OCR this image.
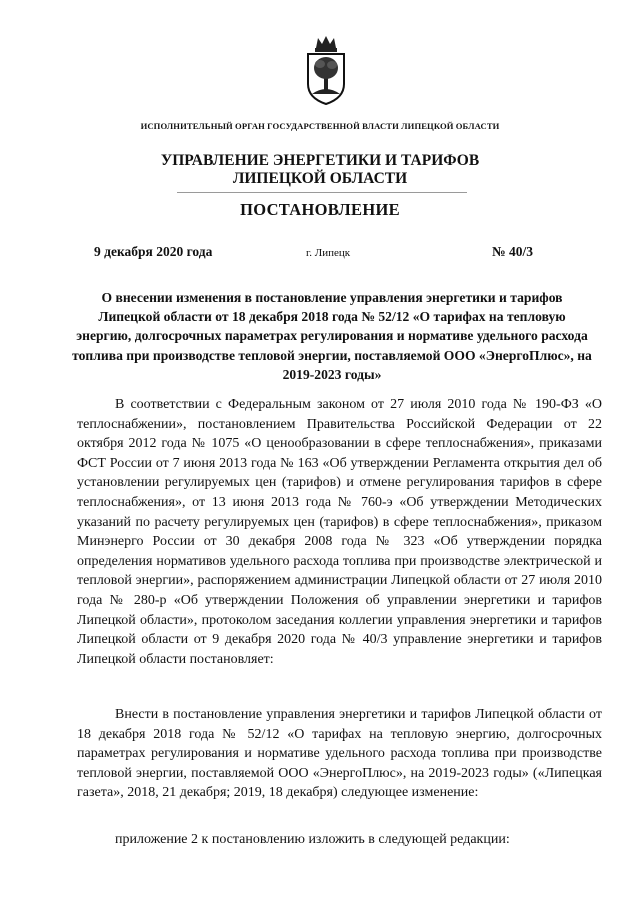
ИСПОЛНИТЕЛЬНЫЙ ОРГАН ГОСУДАРСТВЕННОЙ ВЛАСТИ ЛИПЕЦКОЙ ОБЛАСТИ
УПРАВЛЕНИЕ ЭНЕРГЕТИКИ И ТАРИФОВ
ЛИПЕЦКОЙ ОБЛАСТИ
ПОСТАНОВЛЕНИЕ
9 декабря 2020 года	г. Липецк	№ 40/3
О внесении изменения в постановление управления энергетики и тарифов Липецкой области от 18 декабря 2018 года № 52/12 «О тарифах на тепловую энергию, долгосрочных параметрах регулирования и нормативе удельного расхода топлива при производстве тепловой энергии, поставляемой ООО «ЭнергоПлюс», на 2019-2023 годы»
В соответствии с Федеральным законом от 27 июля 2010 года № 190-ФЗ «О теплоснабжении», постановлением Правительства Российской Федерации от 22 октября 2012 года № 1075 «О ценообразовании в сфере теплоснабжения», приказами ФСТ России от 7 июня 2013 года № 163 «Об утверждении Регламента открытия дел об установлении регулируемых цен (тарифов) и отмене регулирования тарифов в сфере теплоснабжения», от 13 июня 2013 года № 760-э «Об утверждении Методических указаний по расчету регулируемых цен (тарифов) в сфере теплоснабжения», приказом Минэнерго России от 30 декабря 2008 года № 323 «Об утверждении порядка определения нормативов удельного расхода топлива при производстве электрической и тепловой энергии», распоряжением администрации Липецкой области от 27 июля 2010 года № 280-р «Об утверждении Положения об управлении энергетики и тарифов Липецкой области», протоколом заседания коллегии управления энергетики и тарифов Липецкой области от 9 декабря 2020 года № 40/3 управление энергетики и тарифов Липецкой области постановляет:
Внести в постановление управления энергетики и тарифов Липецкой области от 18 декабря 2018 года № 52/12 «О тарифах на тепловую энергию, долгосрочных параметрах регулирования и нормативе удельного расхода топлива при производстве тепловой энергии, поставляемой ООО «ЭнергоПлюс», на 2019-2023 годы» («Липецкая газета», 2018, 21 декабря; 2019, 18 декабря) следующее изменение:
приложение 2 к постановлению изложить в следующей редакции:
